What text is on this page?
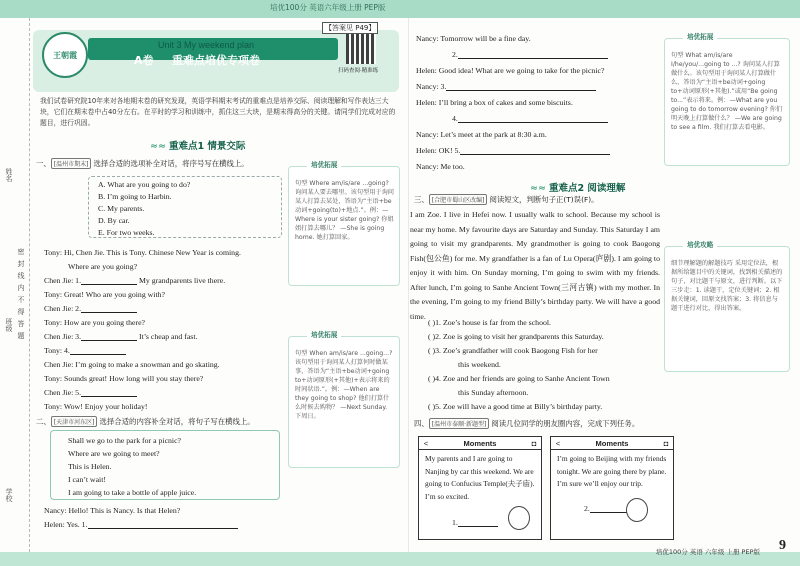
培优100分 英语六年级上册 PEP版
姓名
班级
学校
密
封
线
内
不
得
答
题
王朝霞
Unit 3 My weekend plan
A卷 重难点培优专项卷
【答案见 P49】
扫码查阅·精准练
我们试卷研究院10年来对各地期末卷的研究发现，英语学科期末考试的重难点是培养交际、阅读理解和写作表达三大块，它们在期末卷中占40分左右。在平时的学习和训练中，抓住这三大块，是期末得高分的关键。请同学们完成对应的题目，进行巩固。
≈≈ 重难点1 情景交际
一、 [温州市期末] 选择合适的选项补全对话，将序号写在横线上。
A. What are you going to do?
B. I’m going to Harbin.
C. My parents.
D. By car.
E. For two weeks.
Tony: Hi, Chen Jie. This is Tony. Chinese New Year is coming.
Where are you going?
Chen Jie: 1.	My grandparents live there.
Tony: Great! Who are you going with?
Chen Jie: 2.
Tony: How are you going there?
Chen Jie: 3.	It’s cheap and fast.
Tony: 4.
Chen Jie: I’m going to make a snowman and go skating.
Tony: Sounds great! How long will you stay there?
Chen Jie: 5.
Tony: Wow! Enjoy your holiday!
二、 [天津市河东区] 选择合适的内容补全对话，将句子写在横线上。
Shall we go to the park for a picnic?
Where are we going to meet?
This is Helen.
I can’t wait!
I am going to take a bottle of apple juice.
Nancy: Hello! This is Nancy. Is that Helen?
Helen: Yes. 1.
培优拓展
句型 Where am/is/are ...going? 询问某人要去哪里。该句型用于询问某人打算去某处，答语为“主语+be动词+going(to)+地点.”。例：—Where is your sister going? 你姐姐打算去哪儿？ —She is going home. 她打算回家。
培优拓展
句型 When am/is/are ...going...? 该句型用于询问某人打算何时做某事，答语为“主语+be动词+going to+动词原形(+其他)+表示将来的时间状语.”。例：—When are they going to shop? 他们打算什么时候去购物？ —Next Sunday. 下周日。
Nancy: Tomorrow will be a fine day.
2.
Helen: Good idea! What are we going to take for the picnic?
Nancy: 3.
Helen: I’ll bring a box of cakes and some biscuits.
4.
Nancy: Let’s meet at the park at 8:30 a.m.
Helen: OK! 5.
Nancy: Me too.
培优拓展
句型 What am/is/are I/he/you/...going to ...? 询问某人打算做什么。该句型用于询问某人打算做什么，答语为“主语+be动词+going to+动词原形(+其他).”或用“Be going to...”表示将来。例：—What are you going to do tomorrow evening? 你们明天晚上打算做什么？ —We are going to see a film. 我们打算去看电影。
≈≈ 重难点2 阅读理解
三、 [合肥市蜀山区改编] 阅读短文，判断句子正(T)误(F)。
I am Zoe. I live in Hefei now. I usually walk to school. Because my school is near my home. My favourite days are Saturday and Sunday. This Saturday I am going to visit my grandparents. My grandmother is going to cook Baogong Fish(包公鱼) for me. My grandfather is a fan of Lu Opera(庐剧). I am going to enjoy it with him. On Sunday morning, I’m going to swim with my friends. After lunch, I’m going to Sanhe Ancient Town(三河古镇) with my mother. In the evening, I’m going to my friend Billy’s birthday party. We will have a good time.
( )1. Zoe’s house is far from the school.
( )2. Zoe is going to visit her grandparents this Saturday.
( )3. Zoe’s grandfather will cook Baogong Fish for her
this weekend.
( )4. Zoe and her friends are going to Sanhe Ancient Town
this Sunday afternoon.
( )5. Zoe will have a good time at Billy’s birthday party.
四、 [温州市泰顺·新题型] 阅读几位同学的朋友圈内容，完成下列任务。
培优攻略
细节理解题的解题技巧 采用定位法，根据所给题目中的关键词，找到相关描述的句子，对比题干与原文，进行判断。以下三步走：1. 读题干，定位关键词；2. 根据关键词，回原文找答案；3. 将信息与题干进行对比，得出答案。
<	Moments	◘
My parents and I are going to Nanjing by car this weekend. We are going to Confucius Temple(夫子庙). I’m so excited.
1.
<	Moments	◘
I’m going to Beijing with my friends tonight. We are going there by plane. I’m sure we’ll enjoy our trip.
2.
培优100分 英语 六年级 上册 PEP版 9
